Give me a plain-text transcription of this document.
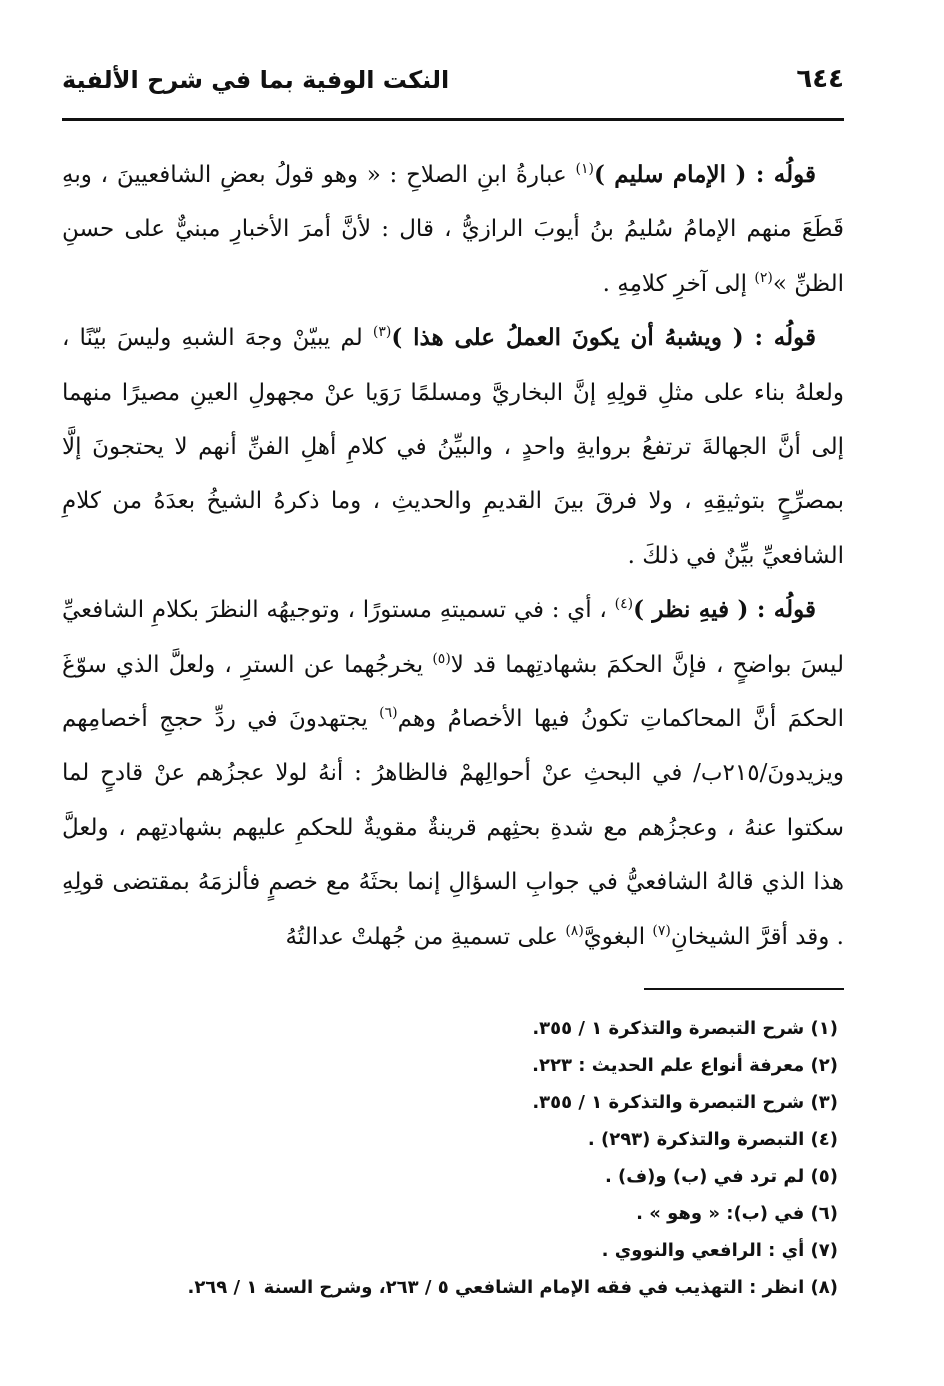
٦٤٤
النكت الوفية بما في شرح الألفية

قولُه : ( الإمام سليم )$^{(١)}$ عبارةُ ابنِ الصلاحِ : « وهو قولُ بعضِ الشافعيينَ ، وبهِ قَطَعَ منهم الإمامُ سُليمُ بنُ أيوبَ الرازيُّ ، قال : لأنَّ أمرَ الأخبارِ مبنيٌّ على حسنِ الظنِّ »$^{(٢)}$ إلى آخرِ كلامِهِ .

قولُه : ( ويشبهُ أن يكونَ العملُ على هذا )$^{(٣)}$ لم يبيّنْ وجهَ الشبهِ وليسَ بيّنًا ، ولعلهُ بناء على مثلِ قولِهِ إنَّ البخاريَّ ومسلمًا رَوَيا عنْ مجهولِ العينِ مصيرًا منهما إلى أنَّ الجهالةَ ترتفعُ بروايةِ واحدٍ ، والبيِّنُ في كلامِ أهلِ الفنِّ أنهم لا يحتجونَ إلَّا بمصرِّحٍ بتوثيقِهِ ، ولا فرقَ بينَ القديمِ والحديثِ ، وما ذكرهُ الشيخُ بعدَهُ من كلامِ الشافعيِّ بيِّنٌ في ذلكَ .

قولُه : ( فيهِ نظر )$^{(٤)}$ ، أي : في تسميتهِ مستورًا ، وتوجيهُه النظرَ بكلامِ الشافعيِّ ليسَ بواضحٍ ، فإنَّ الحكمَ بشهادتِهما قد لا$^{(٥)}$ يخرجُهما عن السترِ ، ولعلَّ الذي سوّغَ الحكمَ أنَّ المحاكماتِ تكونُ فيها الأخصامُ وهم$^{(٦)}$ يجتهدونَ في ردِّ حججِ أخصامِهم ويزيدونَ/٢١٥ب/ في البحثِ عنْ أحوالِهمْ فالظاهرُ : أنهُ لولا عجزُهم عنْ قادحٍ لما سكتوا عنهُ ، وعجزُهم مع شدةِ بحثِهم قرينةٌ مقويةٌ للحكمِ عليهم بشهادتِهم ، ولعلَّ هذا الذي قالهُ الشافعيُّ في جوابِ السؤالِ إنما بحثَهُ مع خصمٍ فألزمَهُ بمقتضى قولِهِ . وقد أقرَّ الشيخانِ$^{(٧)}$ البغويَّ$^{(٨)}$ على تسميةِ من جُهلتْ عدالتُهُ

(١) شرح التبصرة والتذكرة ١ / ٣٥٥.

(٢) معرفة أنواع علم الحديث : ٢٢٣.

(٣) شرح التبصرة والتذكرة ١ / ٣٥٥.

(٤) التبصرة والتذكرة (٢٩٣) .

(٥) لم ترد في (ب) و(ف) .

(٦) في (ب): « وهو » .

(٧) أي : الرافعي والنووي .

(٨) انظر : التهذيب في فقه الإمام الشافعي ٥ / ٢٦٣، وشرح السنة ١ / ٢٦٩.
